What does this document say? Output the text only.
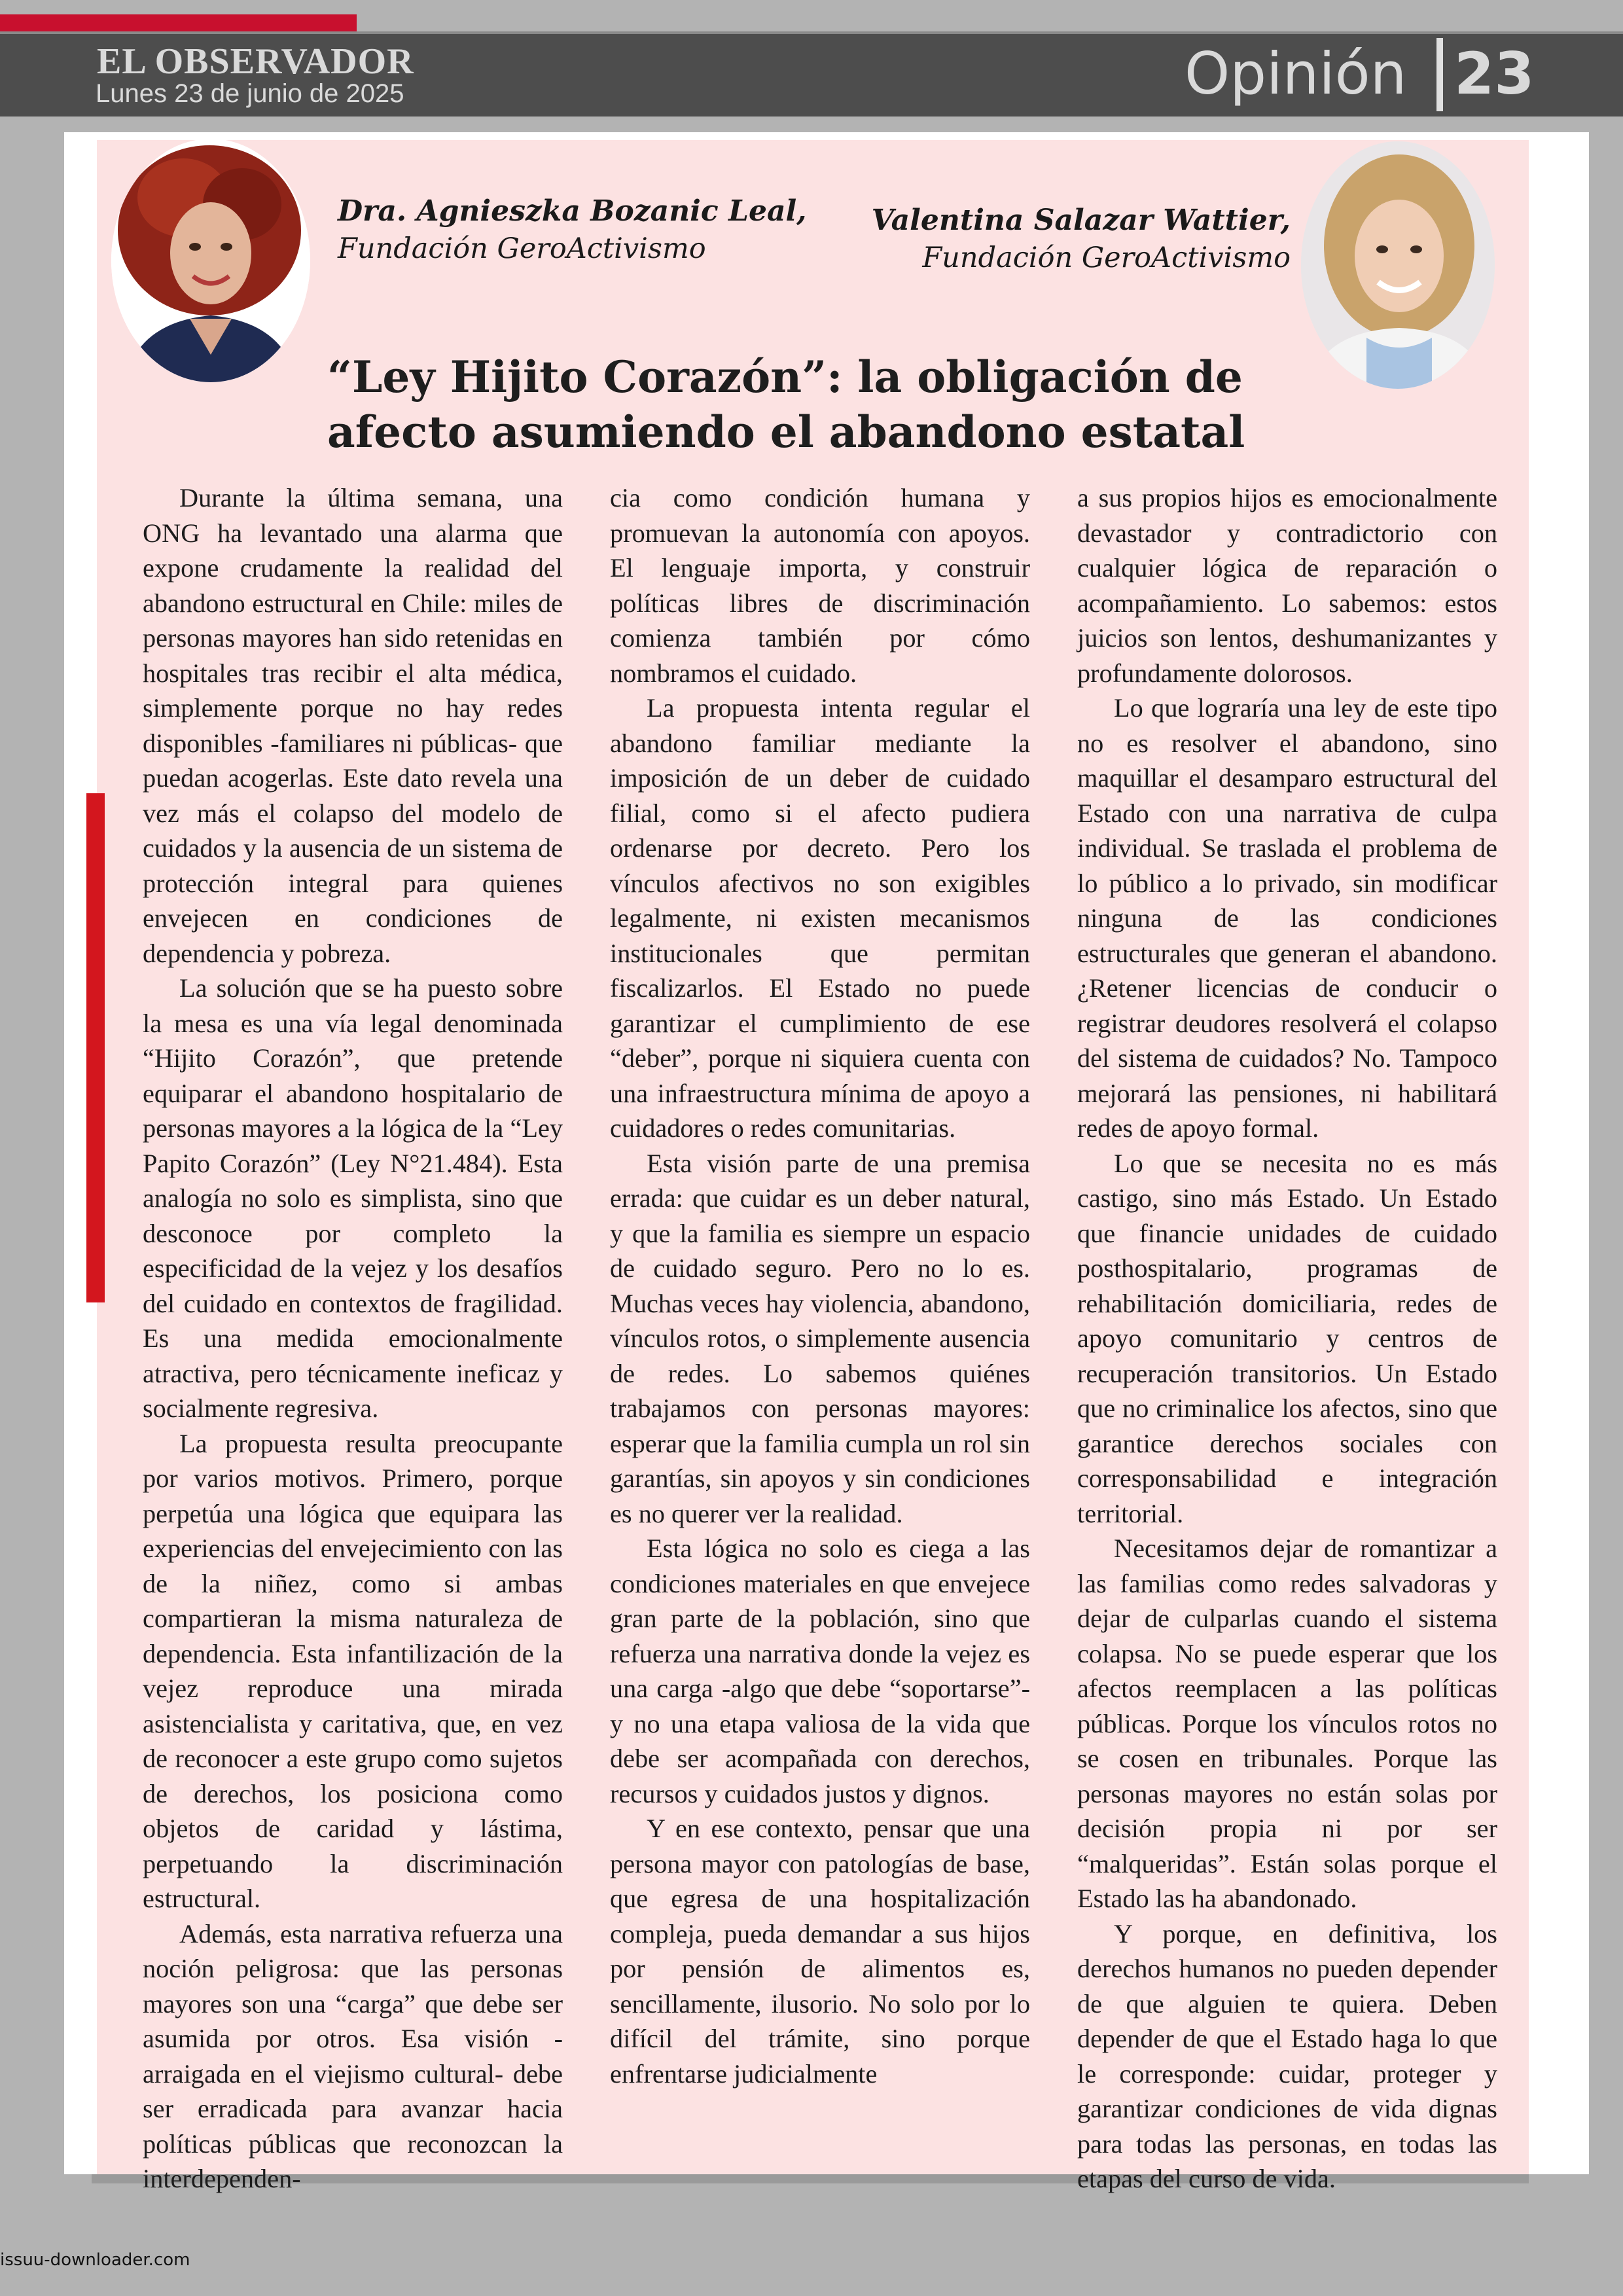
EL OBSERVADOR
Lunes 23 de junio de 2025	Opinión 23
Dra. Agnieszka Bozanic Leal,
Fundación GeroActivismo
Valentina Salazar Wattier,
Fundación GeroActivismo
“Ley Hijito Corazón”: la obligación de afecto asumiendo el abandono estatal

Durante la última semana, una ONG ha levantado una alarma que expone crudamente la realidad del abandono estructural en Chile: miles de personas mayores han sido retenidas en hospitales tras recibir el alta médica, simplemente porque no hay redes disponibles -familiares ni públicas- que puedan acogerlas. Este dato revela una vez más el colapso del modelo de cuidados y la ausencia de un sistema de protección integral para quienes envejecen en condiciones de dependencia y pobreza.

La solución que se ha puesto sobre la mesa es una vía legal denominada “Hijito Corazón”, que pretende equiparar el abandono hospitalario de personas mayores a la lógica de la “Ley Papito Corazón” (Ley N°21.484). Esta analogía no solo es simplista, sino que desconoce por completo la especificidad de la vejez y los desafíos del cuidado en contextos de fragilidad. Es una medida emocionalmente atractiva, pero técnicamente ineficaz y socialmente regresiva.

La propuesta resulta preocupante por varios motivos. Primero, porque perpetúa una lógica que equipara las experiencias del envejecimiento con las de la niñez, como si ambas compartieran la misma naturaleza de dependencia. Esta infantilización de la vejez reproduce una mirada asistencialista y caritativa, que, en vez de reconocer a este grupo como sujetos de derechos, los posiciona como objetos de caridad y lástima, perpetuando la discriminación estructural.

Además, esta narrativa refuerza una noción peligrosa: que las personas mayores son una “carga” que debe ser asumida por otros. Esa visión -arraigada en el viejismo cultural- debe ser erradicada para avanzar hacia políticas públicas que reconozcan la interdependen-

cia como condición humana y promuevan la autonomía con apoyos. El lenguaje importa, y construir políticas libres de discriminación comienza también por cómo nombramos el cuidado.

La propuesta intenta regular el abandono familiar mediante la imposición de un deber de cuidado filial, como si el afecto pudiera ordenarse por decreto. Pero los vínculos afectivos no son exigibles legalmente, ni existen mecanismos institucionales que permitan fiscalizarlos. El Estado no puede garantizar el cumplimiento de ese “deber”, porque ni siquiera cuenta con una infraestructura mínima de apoyo a cuidadores o redes comunitarias.

Esta visión parte de una premisa errada: que cuidar es un deber natural, y que la familia es siempre un espacio de cuidado seguro. Pero no lo es. Muchas veces hay violencia, abandono, vínculos rotos, o simplemente ausencia de redes. Lo sabemos quiénes trabajamos con personas mayores: esperar que la familia cumpla un rol sin garantías, sin apoyos y sin condiciones es no querer ver la realidad.

Esta lógica no solo es ciega a las condiciones materiales en que envejece gran parte de la población, sino que refuerza una narrativa donde la vejez es una carga -algo que debe “soportarse”- y no una etapa valiosa de la vida que debe ser acompañada con derechos, recursos y cuidados justos y dignos.

Y en ese contexto, pensar que una persona mayor con patologías de base, que egresa de una hospitalización compleja, pueda demandar a sus hijos por pensión de alimentos es, sencillamente, ilusorio. No solo por lo difícil del trámite, sino porque enfrentarse judicialmente

a sus propios hijos es emocionalmente devastador y contradictorio con cualquier lógica de reparación o acompañamiento. Lo sabemos: estos juicios son lentos, deshumanizantes y profundamente dolorosos.

Lo que lograría una ley de este tipo no es resolver el abandono, sino maquillar el desamparo estructural del Estado con una narrativa de culpa individual. Se traslada el problema de lo público a lo privado, sin modificar ninguna de las condiciones estructurales que generan el abandono. ¿Retener licencias de conducir o registrar deudores resolverá el colapso del sistema de cuidados? No. Tampoco mejorará las pensiones, ni habilitará redes de apoyo formal.

Lo que se necesita no es más castigo, sino más Estado. Un Estado que financie unidades de cuidado posthospitalario, programas de rehabilitación domiciliaria, redes de apoyo comunitario y centros de recuperación transitorios. Un Estado que no criminalice los afectos, sino que garantice derechos sociales con corresponsabilidad e integración territorial.

Necesitamos dejar de romantizar a las familias como redes salvadoras y dejar de culparlas cuando el sistema colapsa. No se puede esperar que los afectos reemplacen a las políticas públicas. Porque los vínculos rotos no se cosen en tribunales. Porque las personas mayores no están solas por decisión propia ni por ser “malqueridas”. Están solas porque el Estado las ha abandonado.

Y porque, en definitiva, los derechos humanos no pueden depender de que alguien te quiera. Deben depender de que el Estado haga lo que le corresponde: cuidar, proteger y garantizar condiciones de vida dignas para todas las personas, en todas las etapas del curso de vida.

issuu-downloader.com
